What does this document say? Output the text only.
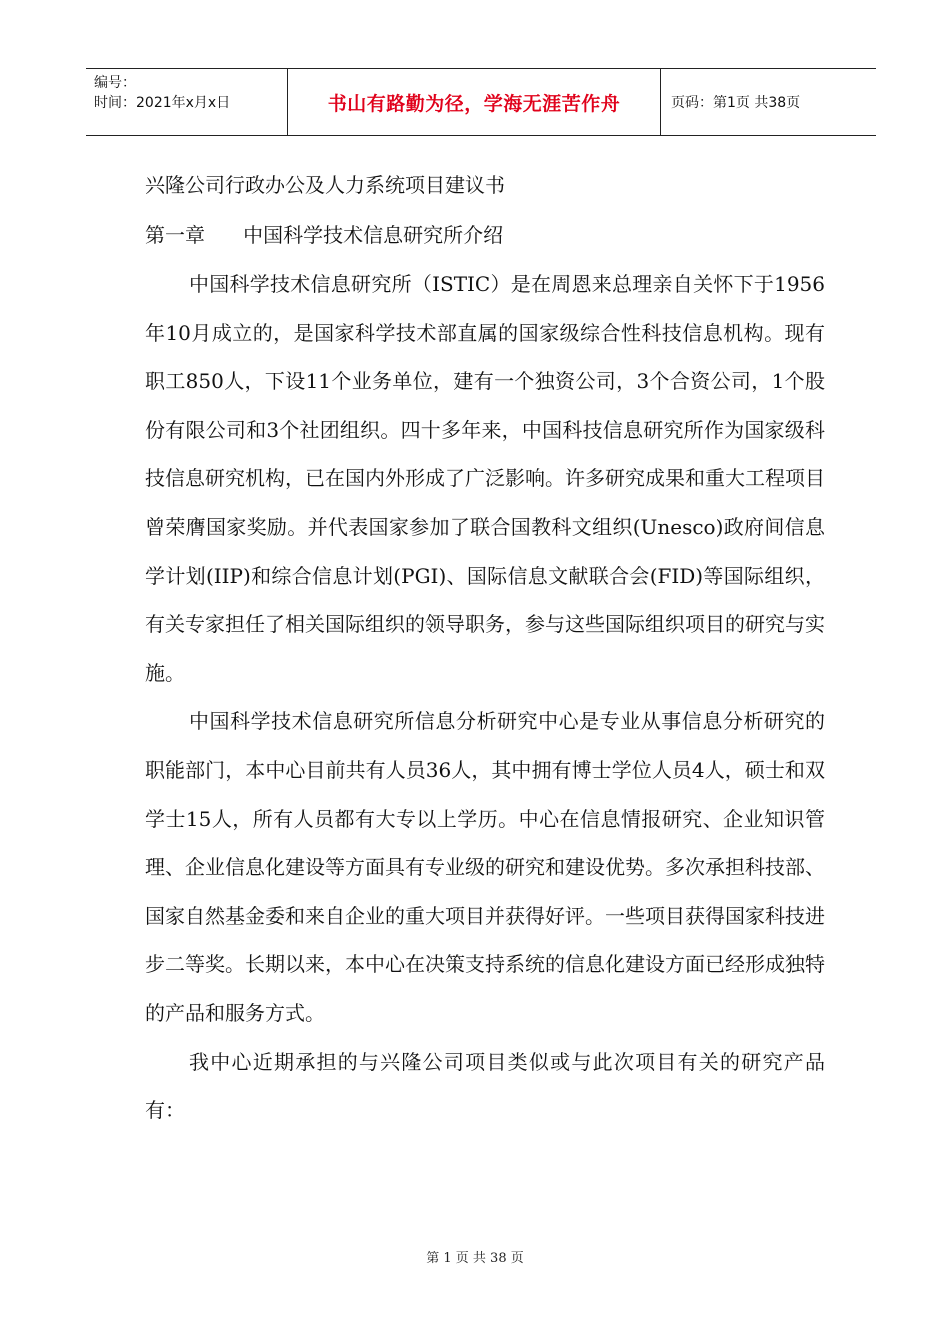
编号：
时间：2021年x月x日	书山有路勤为径，学海无涯苦作舟	页码：第1页 共38页

兴隆公司行政办公及人力系统项目建议书

第一章      中国科学技术信息研究所介绍

中国科学技术信息研究所（ISTIC）是在周恩来总理亲自关怀下于1956年10月成立的，是国家科学技术部直属的国家级综合性科技信息机构。现有职工850人，下设11个业务单位，建有一个独资公司，3个合资公司，1个股份有限公司和3个社团组织。四十多年来，中国科技信息研究所作为国家级科技信息研究机构，已在国内外形成了广泛影响。许多研究成果和重大工程项目曾荣膺国家奖励。并代表国家参加了联合国教科文组织(Unesco)政府间信息学计划(IIP)和综合信息计划(PGI)、国际信息文献联合会(FID)等国际组织，有关专家担任了相关国际组织的领导职务，参与这些国际组织项目的研究与实施。

中国科学技术信息研究所信息分析研究中心是专业从事信息分析研究的职能部门，本中心目前共有人员36人，其中拥有博士学位人员4人，硕士和双学士15人，所有人员都有大专以上学历。中心在信息情报研究、企业知识管理、企业信息化建设等方面具有专业级的研究和建设优势。多次承担科技部、国家自然基金委和来自企业的重大项目并获得好评。一些项目获得国家科技进步二等奖。长期以来，本中心在决策支持系统的信息化建设方面已经形成独特的产品和服务方式。

我中心近期承担的与兴隆公司项目类似或与此次项目有关的研究产品有：

第 1 页 共 38 页
